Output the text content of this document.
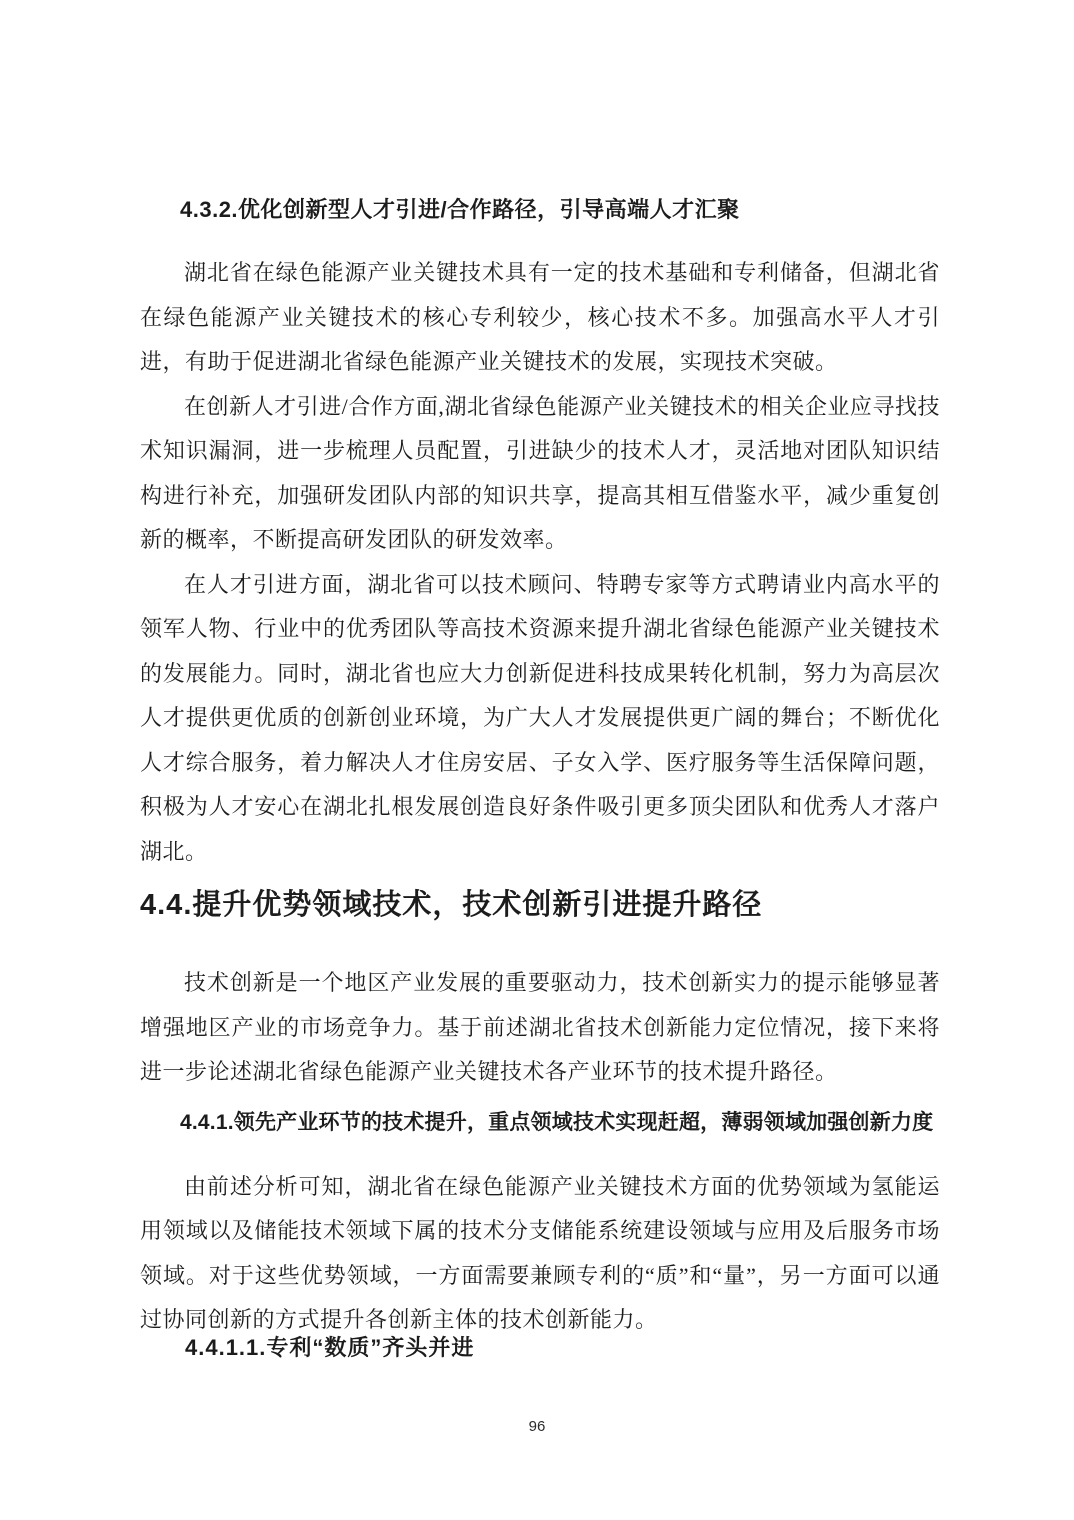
4.3.2.优化创新型人才引进/合作路径，引导高端人才汇聚

湖北省在绿色能源产业关键技术具有一定的技术基础和专利储备，但湖北省在绿色能源产业关键技术的核心专利较少，核心技术不多。加强高水平人才引进，有助于促进湖北省绿色能源产业关键技术的发展，实现技术突破。

在创新人才引进/合作方面,湖北省绿色能源产业关键技术的相关企业应寻找技术知识漏洞，进一步梳理人员配置，引进缺少的技术人才，灵活地对团队知识结构进行补充，加强研发团队内部的知识共享，提高其相互借鉴水平，减少重复创新的概率，不断提高研发团队的研发效率。

在人才引进方面，湖北省可以技术顾问、特聘专家等方式聘请业内高水平的领军人物、行业中的优秀团队等高技术资源来提升湖北省绿色能源产业关键技术的发展能力。同时，湖北省也应大力创新促进科技成果转化机制，努力为高层次人才提供更优质的创新创业环境，为广大人才发展提供更广阔的舞台；不断优化人才综合服务，着力解决人才住房安居、子女入学、医疗服务等生活保障问题，积极为人才安心在湖北扎根发展创造良好条件吸引更多顶尖团队和优秀人才落户湖北。

4.4.提升优势领域技术，技术创新引进提升路径

技术创新是一个地区产业发展的重要驱动力，技术创新实力的提示能够显著增强地区产业的市场竞争力。基于前述湖北省技术创新能力定位情况，接下来将进一步论述湖北省绿色能源产业关键技术各产业环节的技术提升路径。

4.4.1.领先产业环节的技术提升，重点领域技术实现赶超，薄弱领域加强创新力度

由前述分析可知，湖北省在绿色能源产业关键技术方面的优势领域为氢能运用领域以及储能技术领域下属的技术分支储能系统建设领域与应用及后服务市场领域。对于这些优势领域，一方面需要兼顾专利的“质”和“量”，另一方面可以通过协同创新的方式提升各创新主体的技术创新能力。

4.4.1.1.专利“数质”齐头并进
96
